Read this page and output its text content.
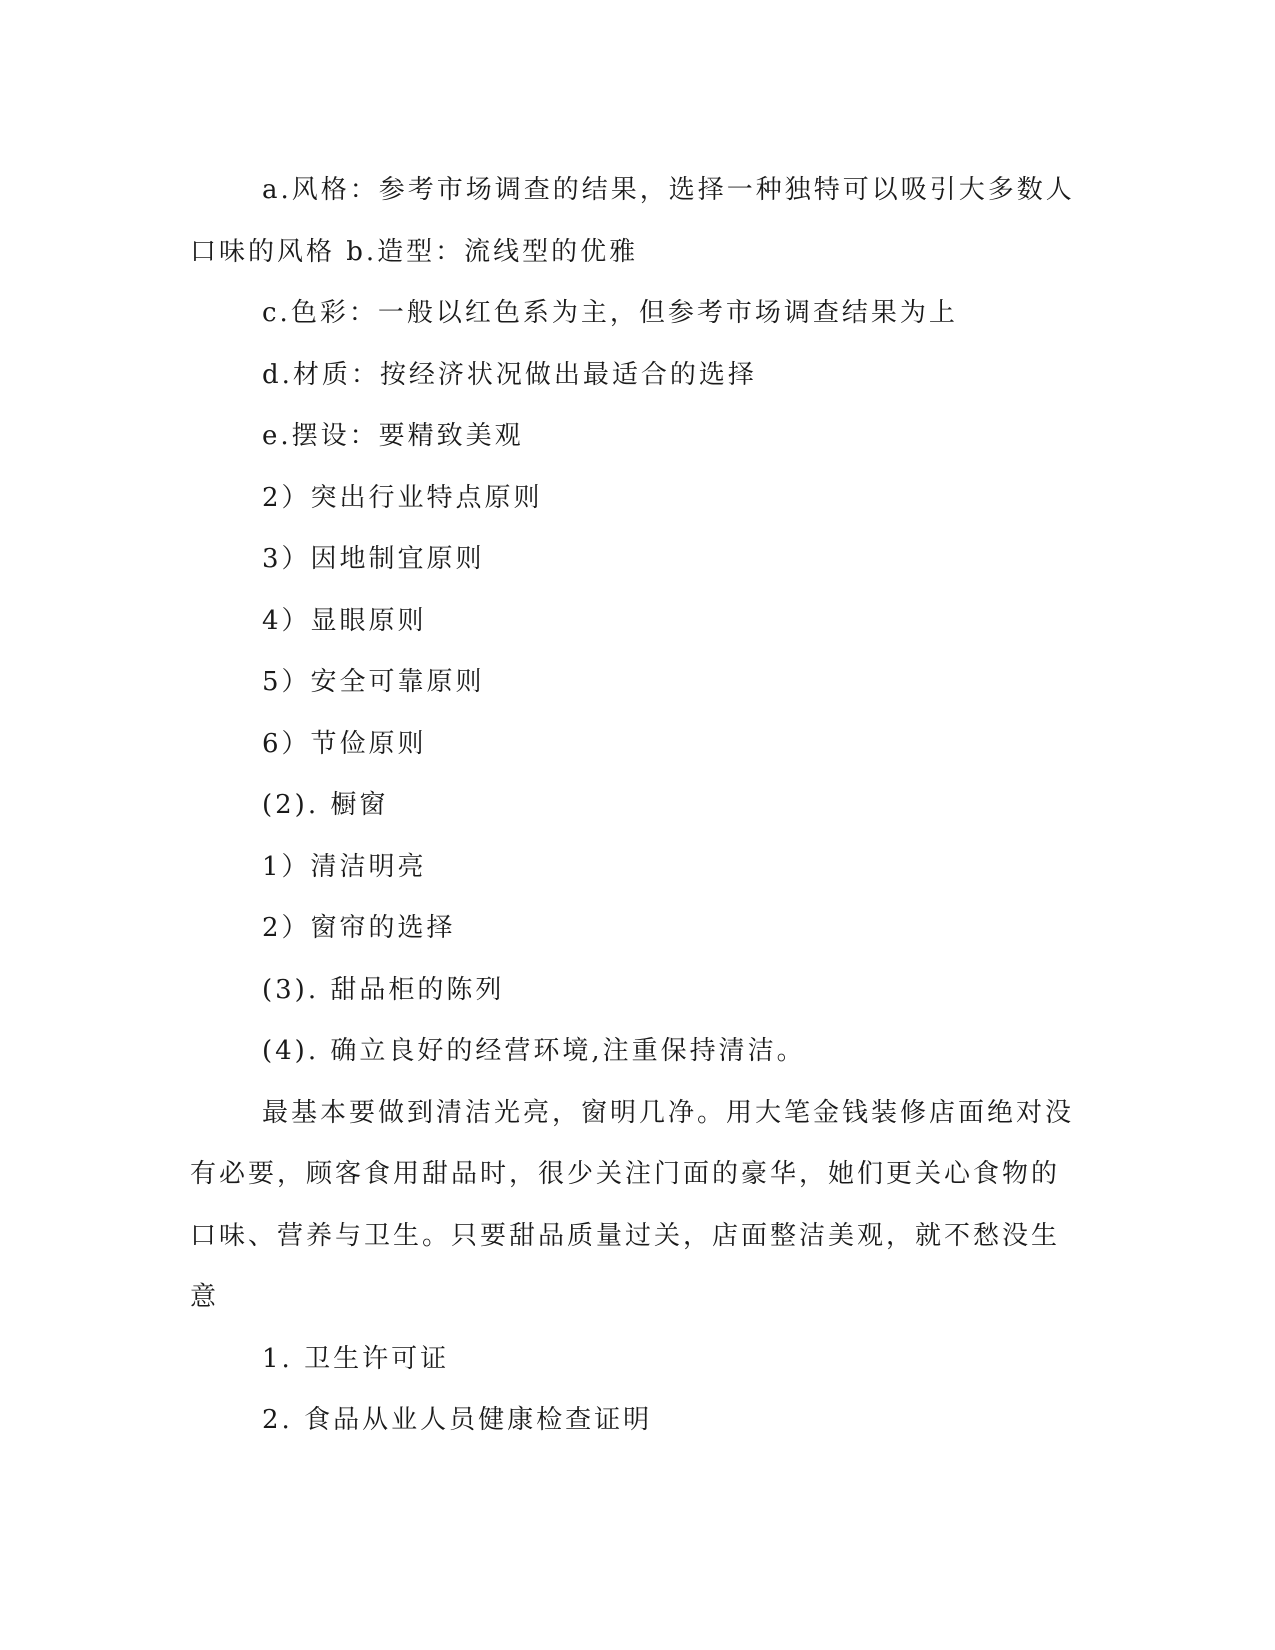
a.风格：参考市场调查的结果，选择一种独特可以吸引大多数人
口味的风格 b.造型：流线型的优雅
c.色彩：一般以红色系为主，但参考市场调查结果为上
d.材质：按经济状况做出最适合的选择
e.摆设：要精致美观
2）突出行业特点原则
3）因地制宜原则
4）显眼原则
5）安全可靠原则
6）节俭原则
(2). 橱窗
1）清洁明亮
2）窗帘的选择
(3). 甜品柜的陈列
(4). 确立良好的经营环境,注重保持清洁。
最基本要做到清洁光亮，窗明几净。用大笔金钱装修店面绝对没
有必要，顾客食用甜品时，很少关注门面的豪华，她们更关心食物的
口味、营养与卫生。只要甜品质量过关，店面整洁美观，就不愁没生
意
1. 卫生许可证
2. 食品从业人员健康检查证明
